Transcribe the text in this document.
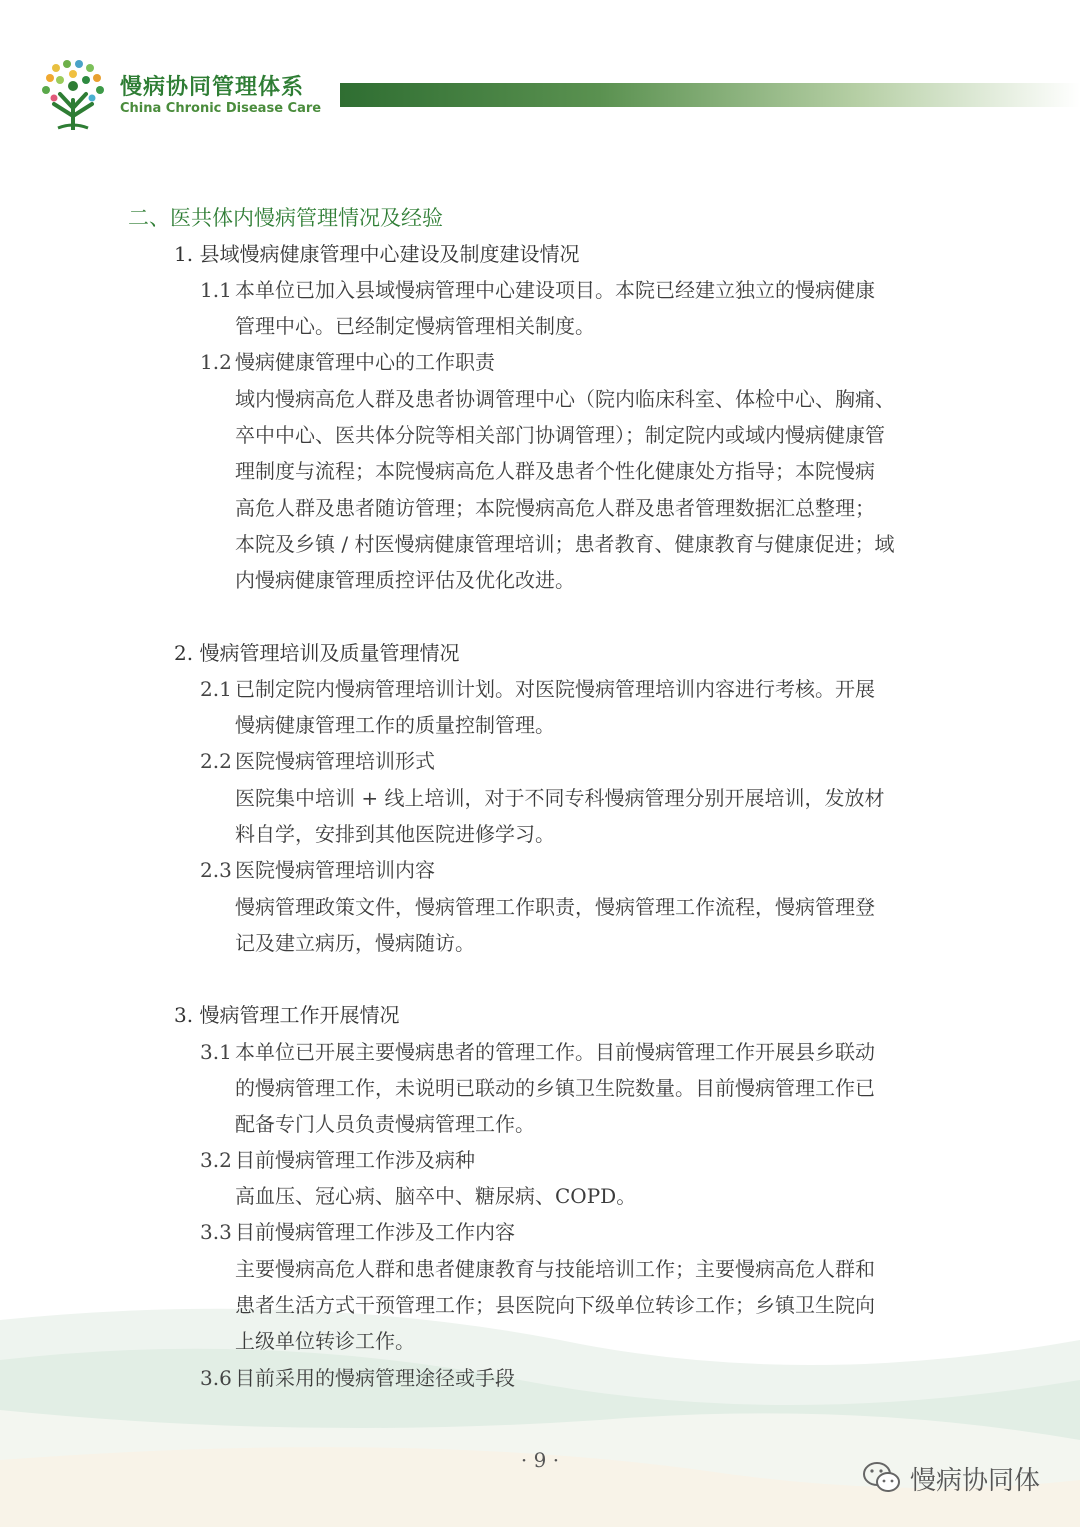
慢病协同管理体系
China Chronic Disease Care
二、医共体内慢病管理情况及经验
1. 县域慢病健康管理中心建设及制度建设情况
1.1 本单位已加入县域慢病管理中心建设项目。本院已经建立独立的慢病健康
管理中心。已经制定慢病管理相关制度。
1.2 慢病健康管理中心的工作职责
域内慢病高危人群及患者协调管理中心（院内临床科室、体检中心、胸痛、
卒中中心、医共体分院等相关部门协调管理）；制定院内或域内慢病健康管
理制度与流程；本院慢病高危人群及患者个性化健康处方指导；本院慢病
高危人群及患者随访管理；本院慢病高危人群及患者管理数据汇总整理；
本院及乡镇 / 村医慢病健康管理培训；患者教育、健康教育与健康促进；域
内慢病健康管理质控评估及优化改进。
2. 慢病管理培训及质量管理情况
2.1 已制定院内慢病管理培训计划。对医院慢病管理培训内容进行考核。开展
慢病健康管理工作的质量控制管理。
2.2 医院慢病管理培训形式
医院集中培训 + 线上培训，对于不同专科慢病管理分别开展培训，发放材
料自学，安排到其他医院进修学习。
2.3 医院慢病管理培训内容
慢病管理政策文件，慢病管理工作职责，慢病管理工作流程，慢病管理登
记及建立病历，慢病随访。
3. 慢病管理工作开展情况
3.1 本单位已开展主要慢病患者的管理工作。目前慢病管理工作开展县乡联动
的慢病管理工作，未说明已联动的乡镇卫生院数量。目前慢病管理工作已
配备专门人员负责慢病管理工作。
3.2 目前慢病管理工作涉及病种
高血压、冠心病、脑卒中、糖尿病、COPD。
3.3 目前慢病管理工作涉及工作内容
主要慢病高危人群和患者健康教育与技能培训工作；主要慢病高危人群和
患者生活方式干预管理工作；县医院向下级单位转诊工作；乡镇卫生院向
上级单位转诊工作。
3.6 目前采用的慢病管理途径或手段
· 9 ·
慢病协同体
